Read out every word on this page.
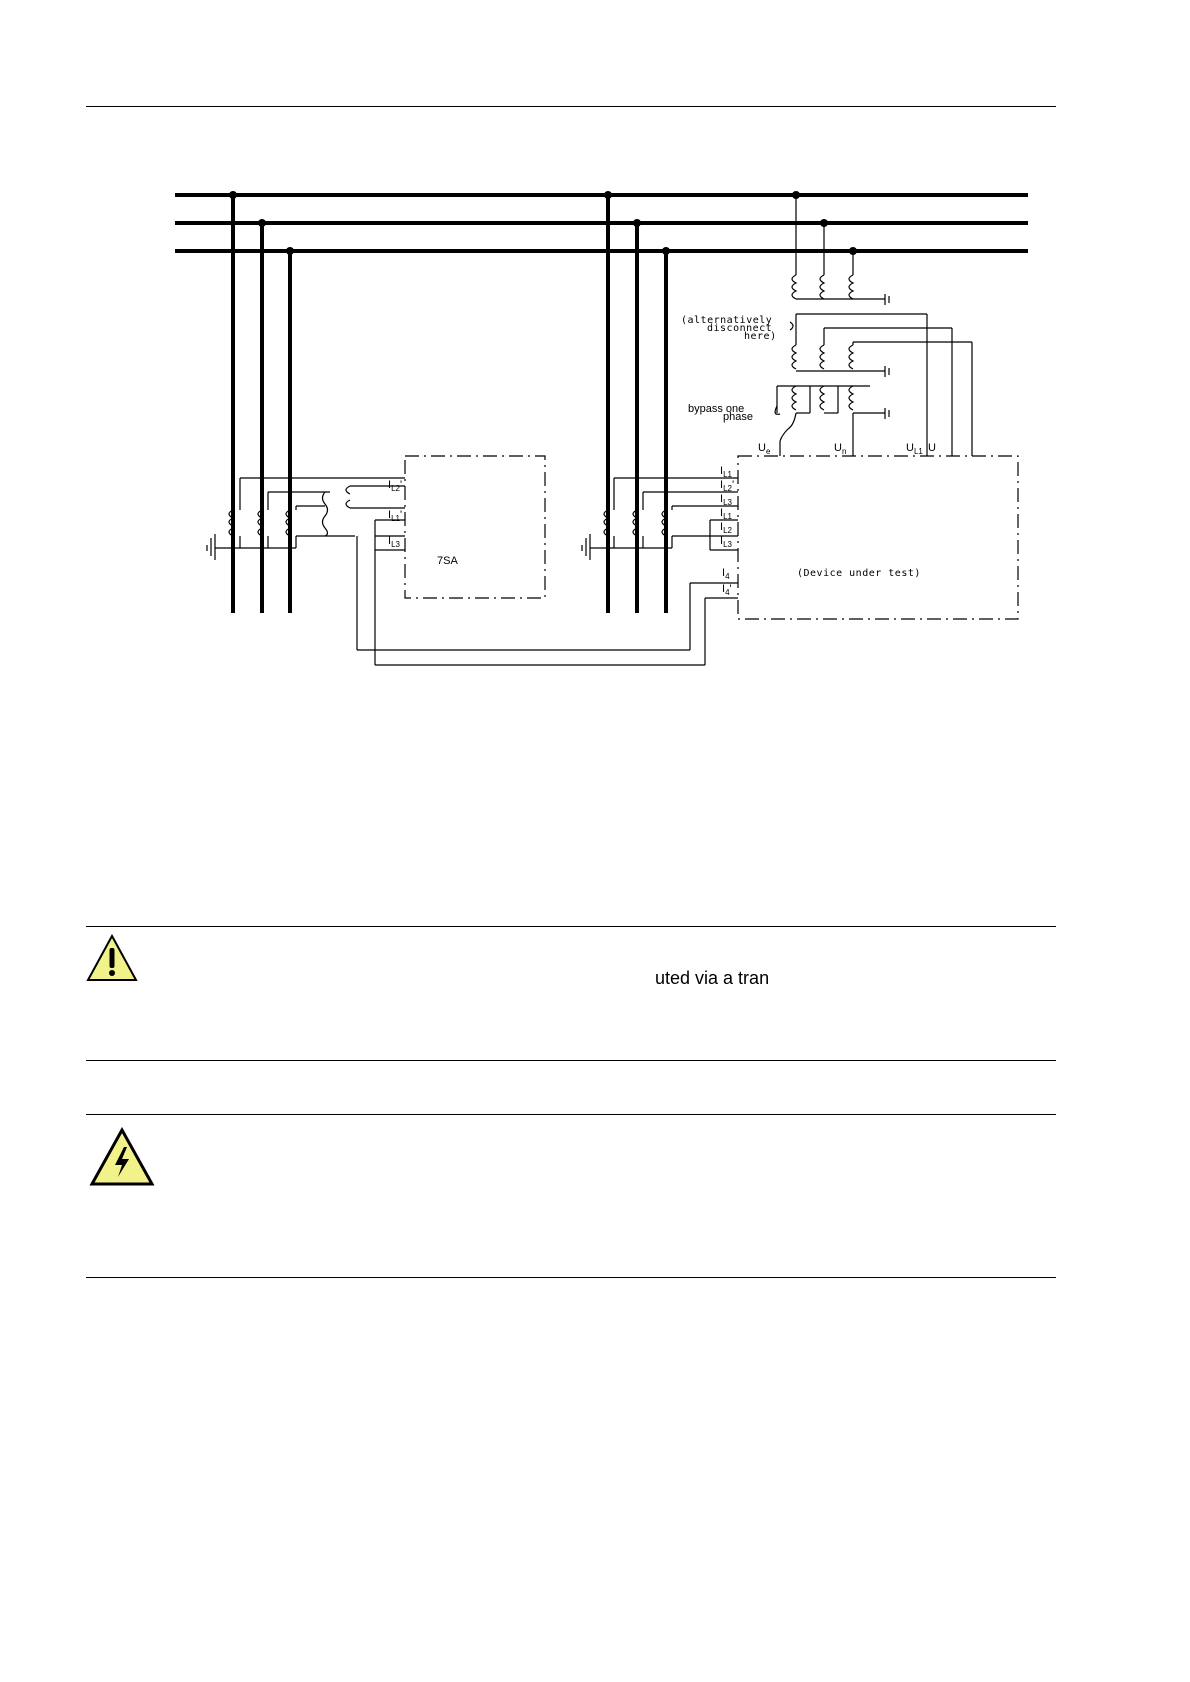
7SA
(Device under test)
(alternatively
disconnect
here)
bypass one
phase
$I_{L2}'$
$I_{L1}'$
$I_{L3}$
$I_{L1}$
$I_{L2}'$
$I_{L3}$
$I_{L1}$
$I_{L2}$
$I_{L3}$
$I_4$
$I_4'$
$U_e$	$U_n$	$U_{L1}$ U
uted via a tran
